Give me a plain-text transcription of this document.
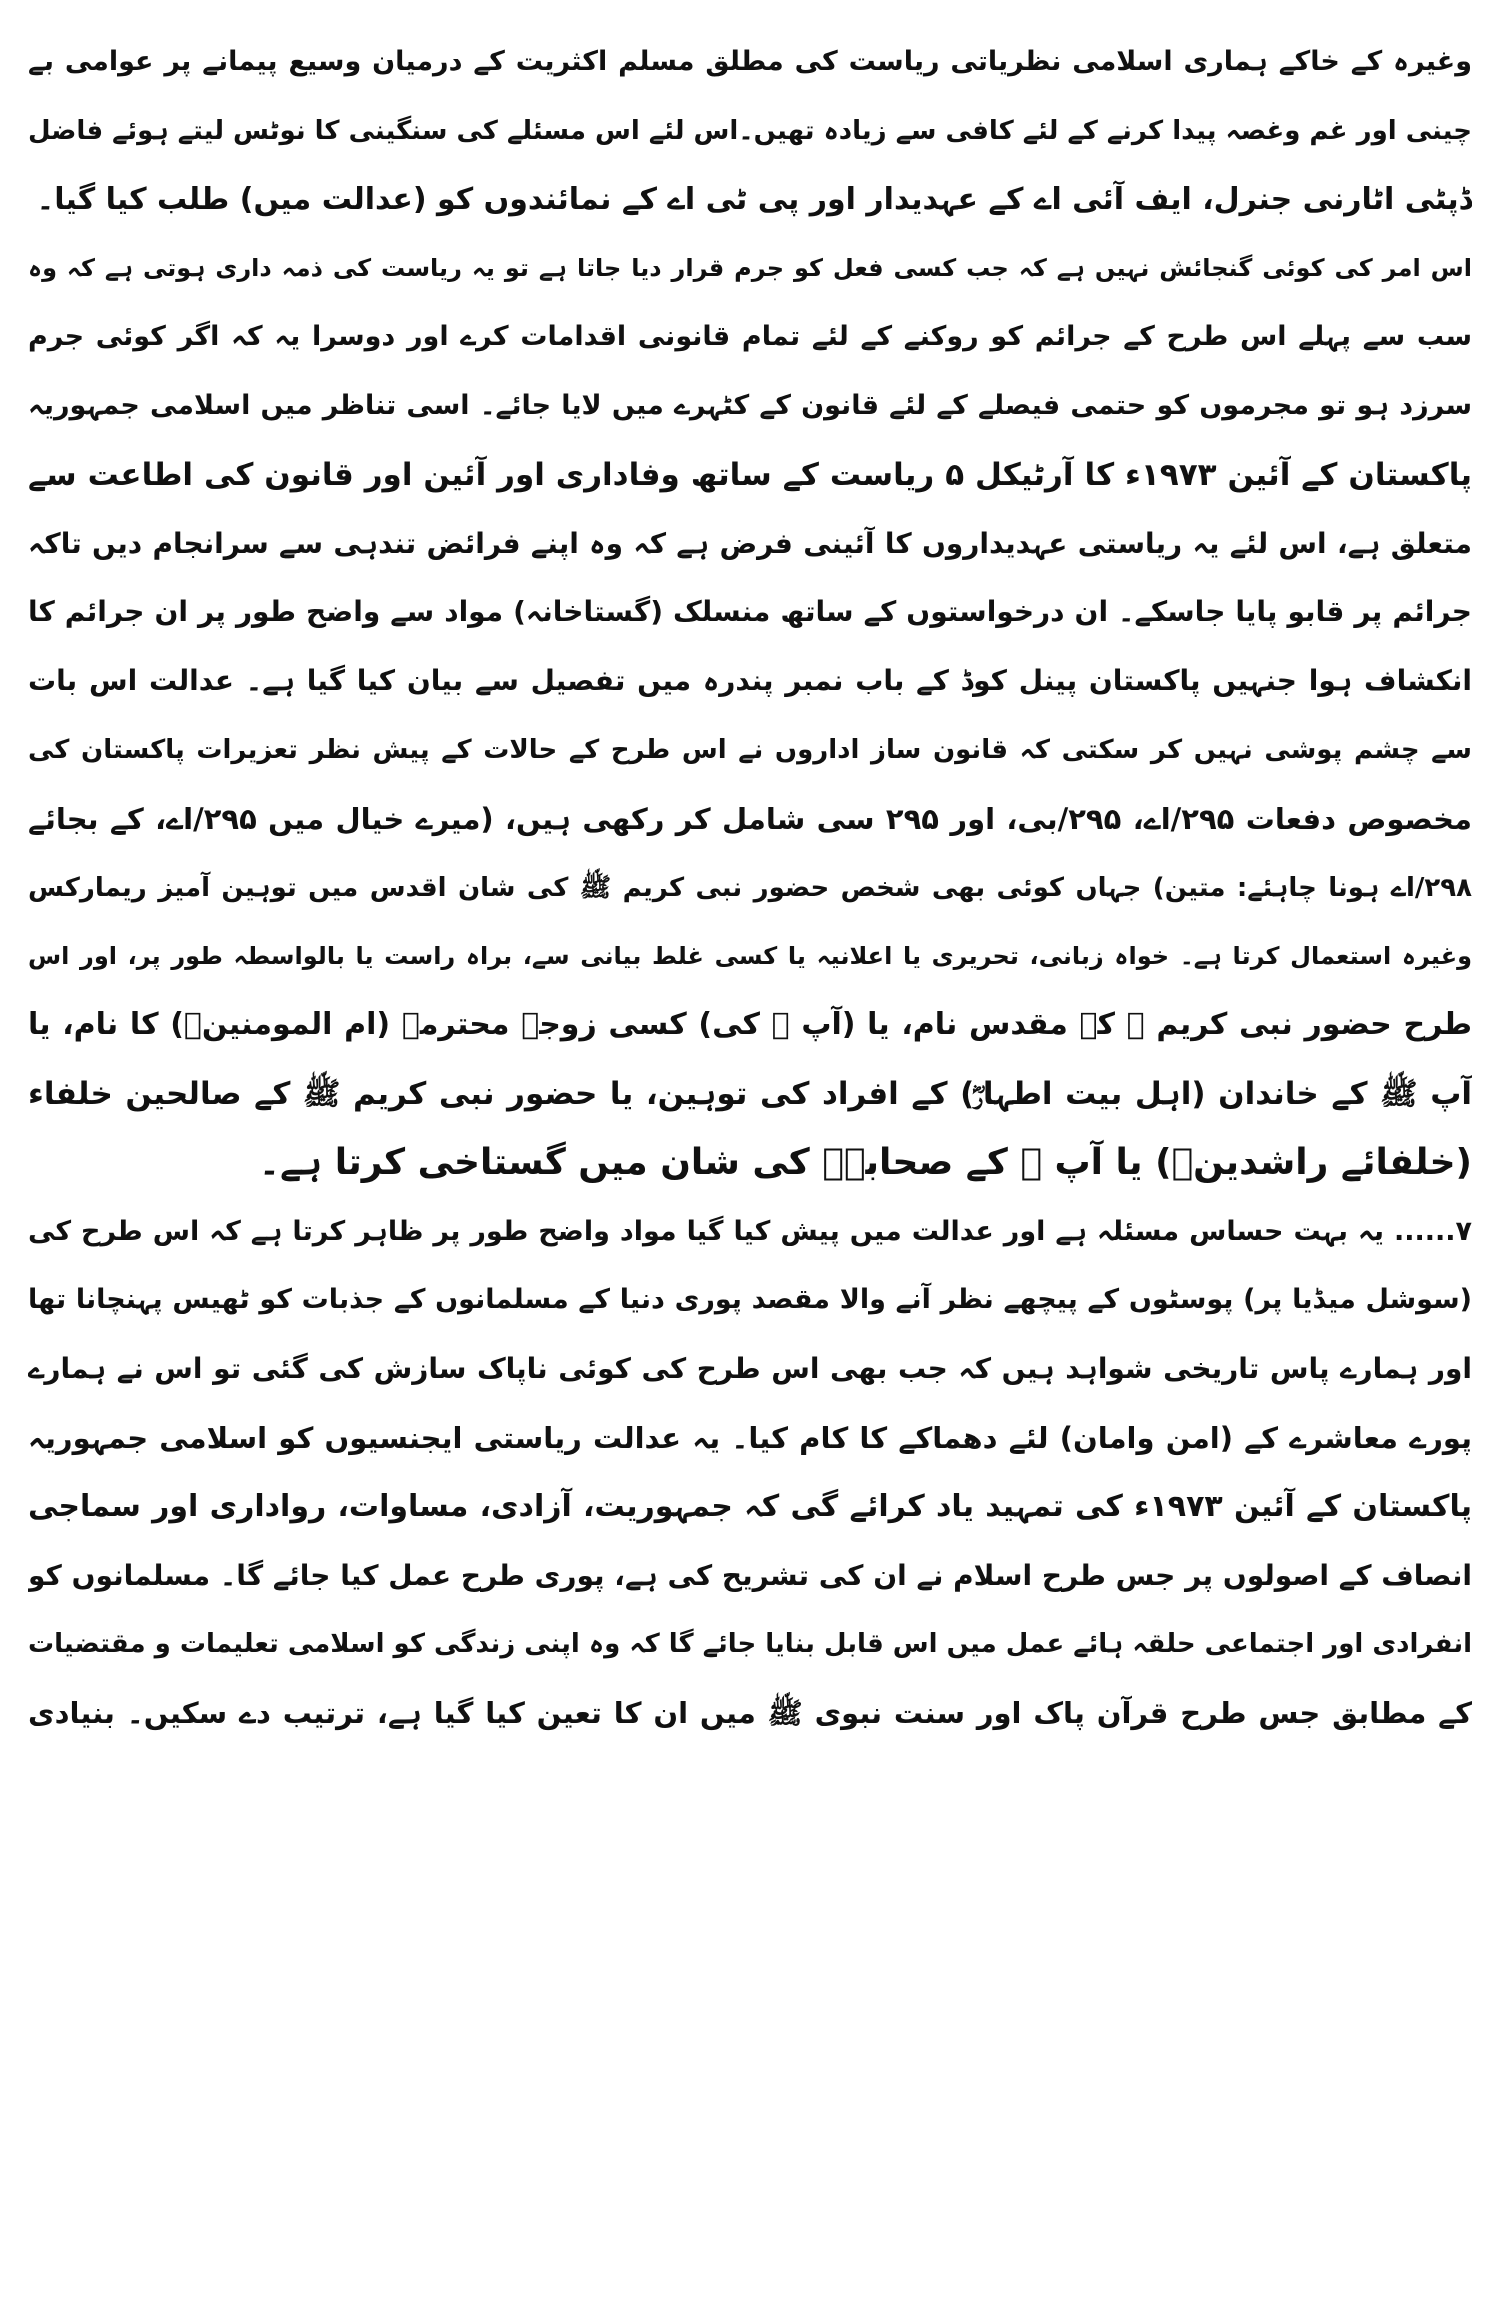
وغیرہ کے خاکے ہماری اسلامی نظریاتی ریاست کی مطلق مسلم اکثریت کے درمیان وسیع پیمانے پر عوامی بے
چینی اور غم وغصہ پیدا کرنے کے لئے کافی سے زیادہ تھیں۔اس لئے اس مسئلے کی سنگینی کا نوٹس لیتے ہوئے فاضل
ڈپٹی اٹارنی جنرل، ایف آئی اے کے عہدیدار اور پی ٹی اے کے نمائندوں کو (عدالت میں) طلب کیا گیا۔
اس امر کی کوئی گنجائش نہیں ہے کہ جب کسی فعل کو جرم قرار دیا جاتا ہے تو یہ ریاست کی ذمہ داری ہوتی ہے کہ وہ
سب سے پہلے اس طرح کے جرائم کو روکنے کے لئے تمام قانونی اقدامات کرے اور دوسرا یہ کہ اگر کوئی جرم
سرزد ہو تو مجرموں کو حتمی فیصلے کے لئے قانون کے کٹہرے میں لایا جائے۔ اسی تناظر میں اسلامی جمہوریہ
پاکستان کے آئین ۱۹۷۳ء کا آرٹیکل ۵ ریاست کے ساتھ وفاداری اور آئین اور قانون کی اطاعت سے
متعلق ہے، اس لئے یہ ریاستی عہدیداروں کا آئینی فرض ہے کہ وہ اپنے فرائض تندہی سے سرانجام دیں تاکہ
جرائم پر قابو پایا جاسکے۔ ان درخواستوں کے ساتھ منسلک (گستاخانہ) مواد سے واضح طور پر ان جرائم کا
انکشاف ہوا جنہیں پاکستان پینل کوڈ کے باب نمبر پندرہ میں تفصیل سے بیان کیا گیا ہے۔ عدالت اس بات
سے چشم پوشی نہیں کر سکتی کہ قانون ساز اداروں نے اس طرح کے حالات کے پیش نظر تعزیرات پاکستان کی
مخصوص دفعات ۲۹۵/اے، ۲۹۵/بی، اور ۲۹۵ سی شامل کر رکھی ہیں، (میرے خیال میں ۲۹۵/اے، کے بجائے
۲۹۸/اے ہونا چاہئے: متین) جہاں کوئی بھی شخص حضور نبی کریم ﷺ کی شان اقدس میں توہین آمیز ریمارکس
وغیرہ استعمال کرتا ہے۔ خواہ زبانی، تحریری یا اعلانیہ یا کسی غلط بیانی سے، براہ راست یا بالواسطہ طور پر، اور اس
طرح حضور نبی کریم ﷺ کے مقدس نام، یا (آپ ﷺ کی) کسی زوجہ محترمہ (ام المومنینؓ) کا نام، یا
آپ ﷺ کے خاندان (اہل بیت اطہارؓ) کے افراد کی توہین، یا حضور نبی کریم ﷺ کے صالحین خلفاء
(خلفائے راشدینؓ) یا آپ ﷺ کے صحابہؓ کی شان میں گستاخی کرتا ہے۔
۷...... یہ بہت حساس مسئلہ ہے اور عدالت میں پیش کیا گیا مواد واضح طور پر ظاہر کرتا ہے کہ اس طرح کی
(سوشل میڈیا پر) پوسٹوں کے پیچھے نظر آنے والا مقصد پوری دنیا کے مسلمانوں کے جذبات کو ٹھیس پہنچانا تھا
اور ہمارے پاس تاریخی شواہد ہیں کہ جب بھی اس طرح کی کوئی ناپاک سازش کی گئی تو اس نے ہمارے
پورے معاشرے کے (امن وامان) لئے دھماکے کا کام کیا۔ یہ عدالت ریاستی ایجنسیوں کو اسلامی جمہوریہ
پاکستان کے آئین ۱۹۷۳ء کی تمہید یاد کرائے گی کہ جمہوریت، آزادی، مساوات، رواداری اور سماجی
انصاف کے اصولوں پر جس طرح اسلام نے ان کی تشریح کی ہے، پوری طرح عمل کیا جائے گا۔ مسلمانوں کو
انفرادی اور اجتماعی حلقہ ہائے عمل میں اس قابل بنایا جائے گا کہ وہ اپنی زندگی کو اسلامی تعلیمات و مقتضیات
کے مطابق جس طرح قرآن پاک اور سنت نبوی ﷺ میں ان کا تعین کیا گیا ہے، ترتیب دے سکیں۔ بنیادی
